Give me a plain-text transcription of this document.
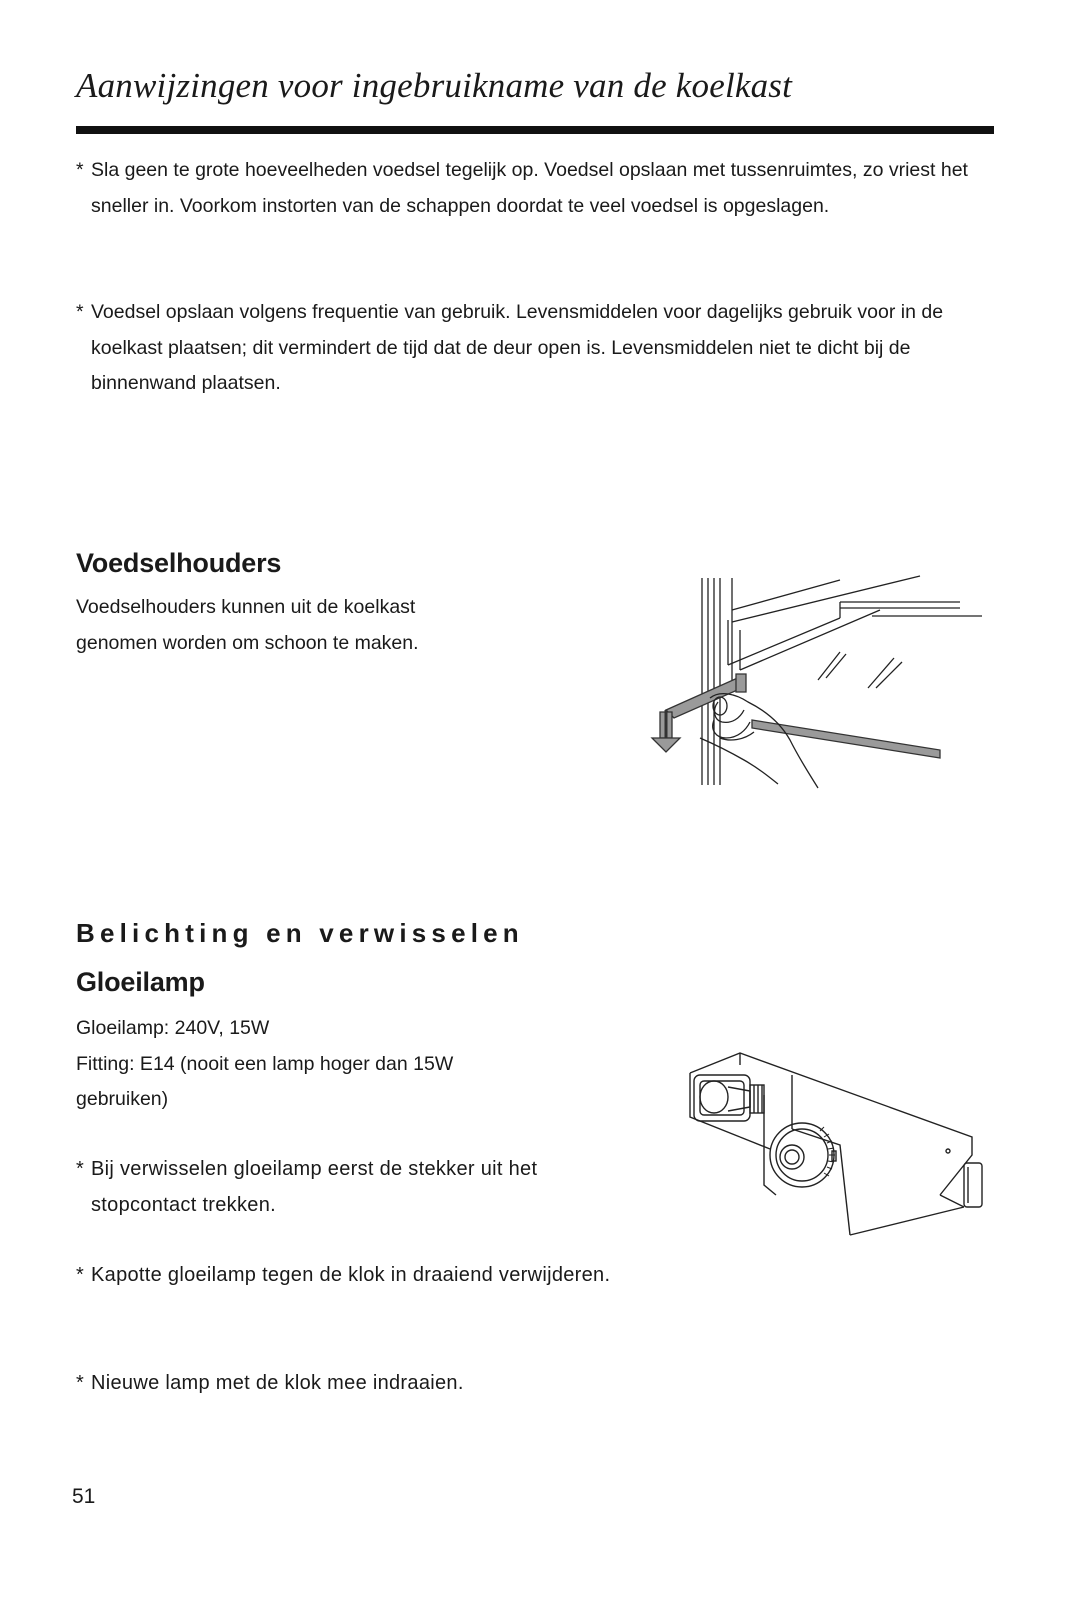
Aanwijzingen voor ingebruikname van de koelkast

* Sla geen te grote hoeveelheden voedsel tegelijk op. Voedsel opslaan met tussenruimtes, zo vriest het sneller in. Voorkom instorten van de schappen doordat te veel voedsel is opgeslagen.

* Voedsel opslaan volgens frequentie van gebruik. Levensmiddelen voor dagelijks gebruik voor in de koelkast plaatsen; dit vermindert de tijd dat de deur open is. Levensmiddelen niet te dicht bij de binnenwand plaatsen.

Voedselhouders

Voedselhouders kunnen uit de koelkast
genomen worden om schoon te maken.

Belichting en verwisselen
Gloeilamp

Gloeilamp: 240V, 15W
Fitting: E14 (nooit een lamp hoger dan 15W
gebruiken)

* Bij verwisselen gloeilamp eerst de stekker uit het stopcontact trekken.

* Kapotte gloeilamp tegen de klok in draaiend verwijderen.

* Nieuwe lamp met de klok mee indraaien.

51
